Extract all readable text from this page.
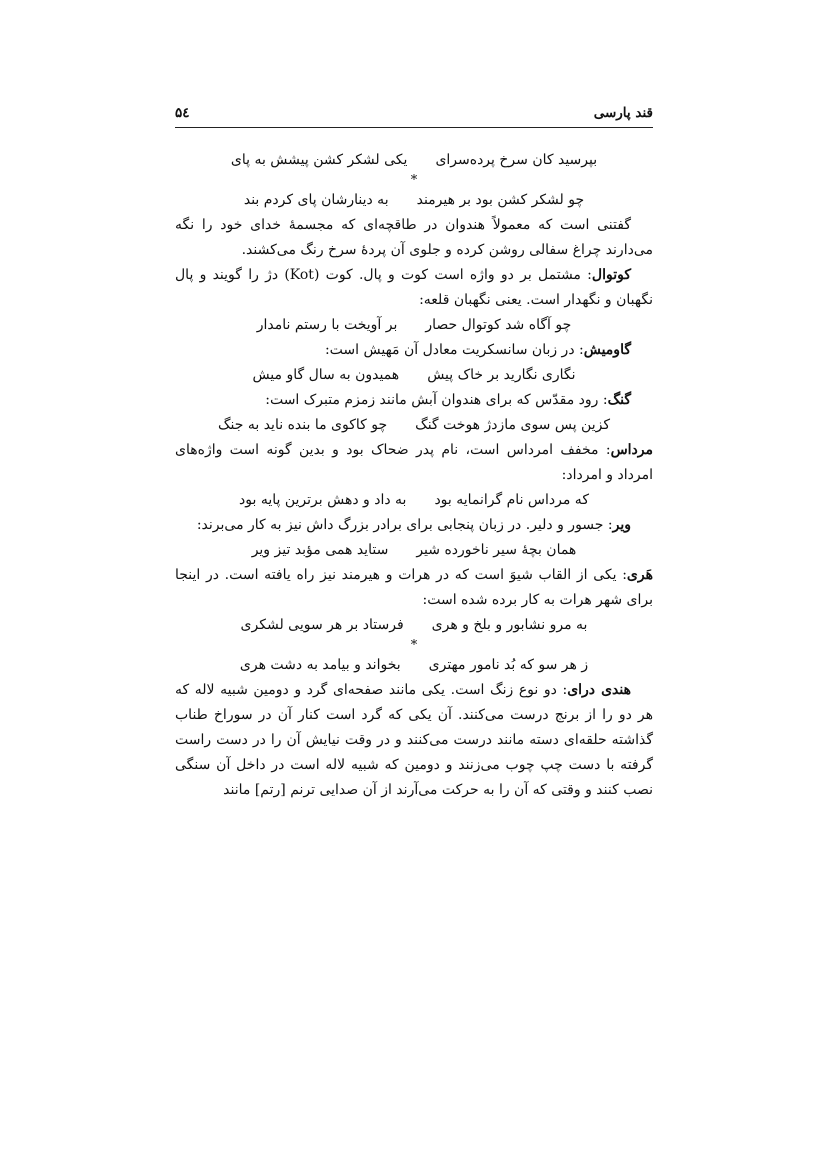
قند پارسی
۵٤
بپرسید کان سرخ پرده‌سرای
یکی لشکر کشن پیشش به پای
*
چو لشکر کشن بود بر هیرمند
به دینارشان پای کردم بند
گفتنی است که معمولاً هندوان در طاقچه‌ای که مجسمهٔ خدای خود را نگه می‌دارند چراغ سفالی روشن کرده و جلوی آن پردهٔ سرخ رنگ می‌کشند.
کوتوال: مشتمل بر دو واژه است کوت و پال. کوت (Kot) دژ را گویند و پال نگهبان و نگهدار است. یعنی نگهبان قلعه:
چو آگاه شد کوتوال حصار
بر آویخت با رستم نامدار
گاومیش: در زبان سانسکریت معادل آن مَهیش است:
نگاری نگارید بر خاک پیش
همیدون به سال گاو میش
گنگ: رود مقدّس که برای هندوان آبش مانند زمزم متبرک است:
کزین پس سوی مازدژ هوخت گنگ
چو کاکوی ما بنده ناید به جنگ
مرداس: مخفف امرداس است، نام پدر ضحاک بود و بدین گونه است واژه‌های امرداد و امرداد:
که مرداس نام گرانمایه بود
به داد و دهش برترین پایه بود
ویر: جسور و دلیر. در زبان پنجابی برای برادر بزرگ داش نیز به کار می‌برند:
همان بچهٔ سیر ناخورده شیر
ستاید همی مؤبد تیز ویر
هَری: یکی از القاب شیوَ است که در هرات و هیرمند نیز راه یافته است. در اینجا برای شهر هرات به کار برده شده است:
به مرو نشابور و بلخ و هری
فرستاد بر هر سویی لشکری
*
ز هر سو که بُد نامور مهتری
بخواند و بیامد به دشت هری
هندی درای: دو نوع زنگ است. یکی مانند صفحه‌ای گرد و دومین شبیه لاله که هر دو را از برنج درست می‌کنند. آن یکی که گرد است کنار آن در سوراخ طناب گذاشته حلقه‌ای دسته مانند درست می‌کنند و در وقت نیایش آن را در دست راست گرفته با دست چپ چوب می‌زنند و دومین که شبیه لاله است در داخل آن سنگی نصب کنند و وقتی که آن را به حرکت می‌آرند از آن صدایی ترنم [رتم] مانند
